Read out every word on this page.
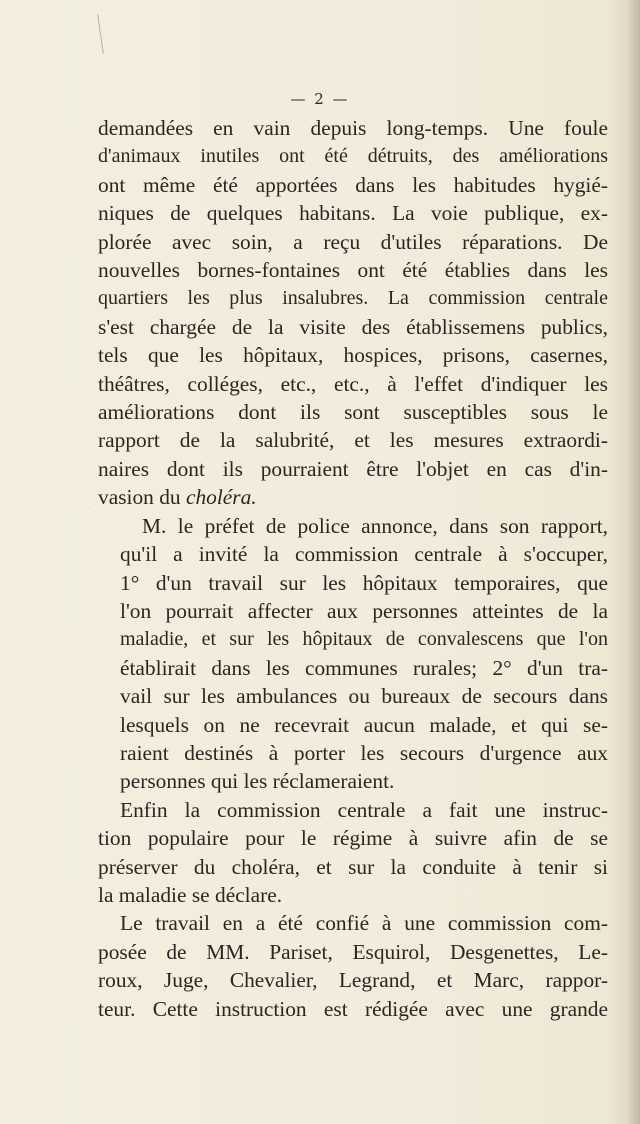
— 2 —

demandées en vain depuis long-temps. Une foule
d'animaux inutiles ont été détruits, des améliorations
ont même été apportées dans les habitudes hygié-
niques de quelques habitans. La voie publique, ex-
plorée avec soin, a reçu d'utiles réparations. De
nouvelles bornes-fontaines ont été établies dans les
quartiers les plus insalubres. La commission centrale
s'est chargée de la visite des établissemens publics,
tels que les hôpitaux, hospices, prisons, casernes,
théâtres, colléges, etc., etc., à l'effet d'indiquer les
améliorations dont ils sont susceptibles sous le
rapport de la salubrité, et les mesures extraordi-
naires dont ils pourraient être l'objet en cas d'in-
vasion du choléra.

M. le préfet de police annonce, dans son rapport,
qu'il a invité la commission centrale à s'occuper,
1° d'un travail sur les hôpitaux temporaires, que
l'on pourrait affecter aux personnes atteintes de la
maladie, et sur les hôpitaux de convalescens que l'on
établirait dans les communes rurales; 2° d'un tra-
vail sur les ambulances ou bureaux de secours dans
lesquels on ne recevrait aucun malade, et qui se-
raient destinés à porter les secours d'urgence aux
personnes qui les réclameraient.

Enfin la commission centrale a fait une instruc-
tion populaire pour le régime à suivre afin de se
préserver du choléra, et sur la conduite à tenir si
la maladie se déclare.

Le travail en a été confié à une commission com-
posée de MM. Pariset, Esquirol, Desgenettes, Le-
roux, Juge, Chevalier, Legrand, et Marc, rappor-
teur. Cette instruction est rédigée avec une grande
